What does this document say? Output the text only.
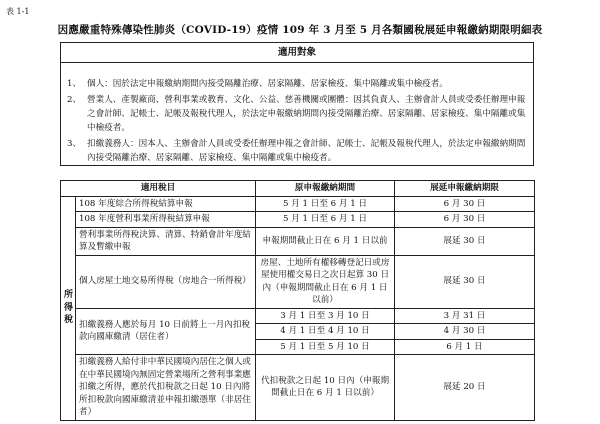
表 1-1
因應嚴重特殊傳染性肺炎（COVID-19）疫情 109 年 3 月至 5 月各類國稅展延申報繳納期限明細表
適用對象
1、 個人：因於法定申報繳納期間內接受隔離治療、居家隔離、居家檢疫、集中隔離或集中檢疫者。
2、 營業人、產製廠商、營利事業或教育、文化、公益、慈善機關或團體：因其負責人、主辦會計人員或受委任辦理申報之會計師、記帳士、記帳及報稅代理人，於法定申報繳納期間內接受隔離治療、居家隔離、居家檢疫、集中隔離或集中檢疫者。
3、 扣繳義務人：因本人、主辦會計人員或受委任辦理申報之會計師、記帳士、記帳及報稅代理人，於法定申報繳納期間內接受隔離治療、居家隔離、居家檢疫、集中隔離或集中檢疫者。
適用稅目		原申報繳納期間	展延申報繳納期限
所得稅	108 年度綜合所得稅結算申報	5 月 1 日至 6 月 1 日	6 月 30 日
	108 年度營利事業所得稅結算申報	5 月 1 日至 6 月 1 日	6 月 30 日
	營利事業所得稅決算、清算、特銷會計年度結算及暫繳申報	申報期間截止日在 6 月 1 日以前	展延 30 日
	個人房屋土地交易所得稅（房地合一所得稅）	房屋、土地所有權移轉登記日或房屋使用權交易日之次日起算 30 日內（申報期間截止日在 6 月 1 日以前）	展延 30 日
	扣繳義務人應於每月 10 日前將上一月內扣稅款向國庫繳清（居住者）	3 月 1 日至 3 月 10 日	3 月 31 日
		4 月 1 日至 4 月 10 日	4 月 30 日
		5 月 1 日至 5 月 10 日	6 月 1 日
	扣繳義務人給付非中華民國境內居住之個人或在中華民國境內無固定營業場所之營利事業應扣繳之所得，應於代扣稅款之日起 10 日內將所扣稅款向國庫繳清並申報扣繳憑單（非居住者）	代扣稅款之日起 10 日內（申報期間截止日在 6 月 1 日以前）	展延 20 日
